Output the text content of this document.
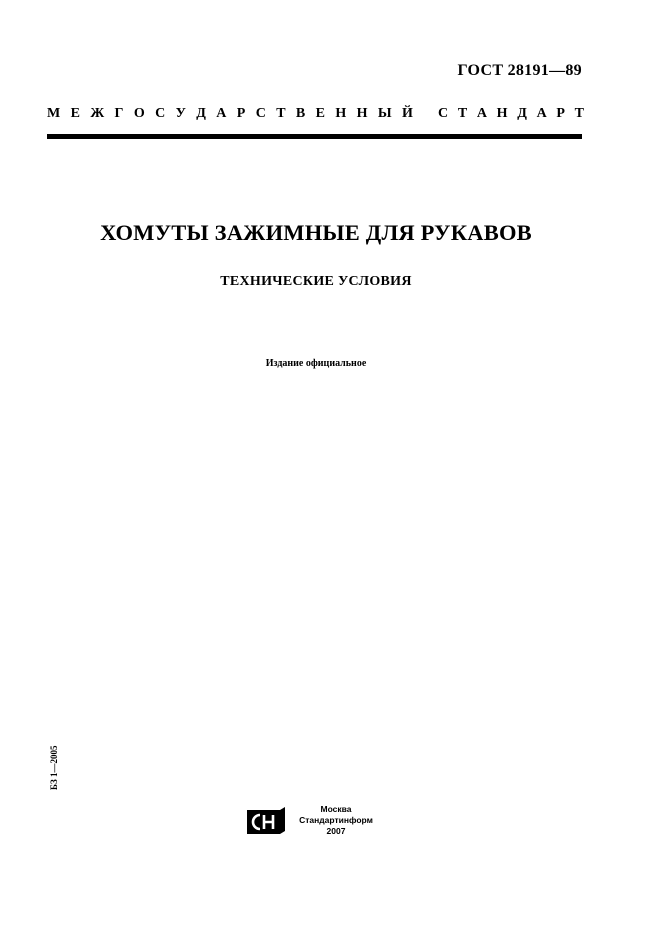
ГОСТ 28191—89
М Е Ж Г О С У Д А Р С Т В Е Н Н Ы Й С Т А Н Д А Р Т
ХОМУТЫ ЗАЖИМНЫЕ ДЛЯ РУКАВОВ
ТЕХНИЧЕСКИЕ УСЛОВИЯ
Издание официальное
БЗ 1—2005
Москва
Стандартинформ
2007
